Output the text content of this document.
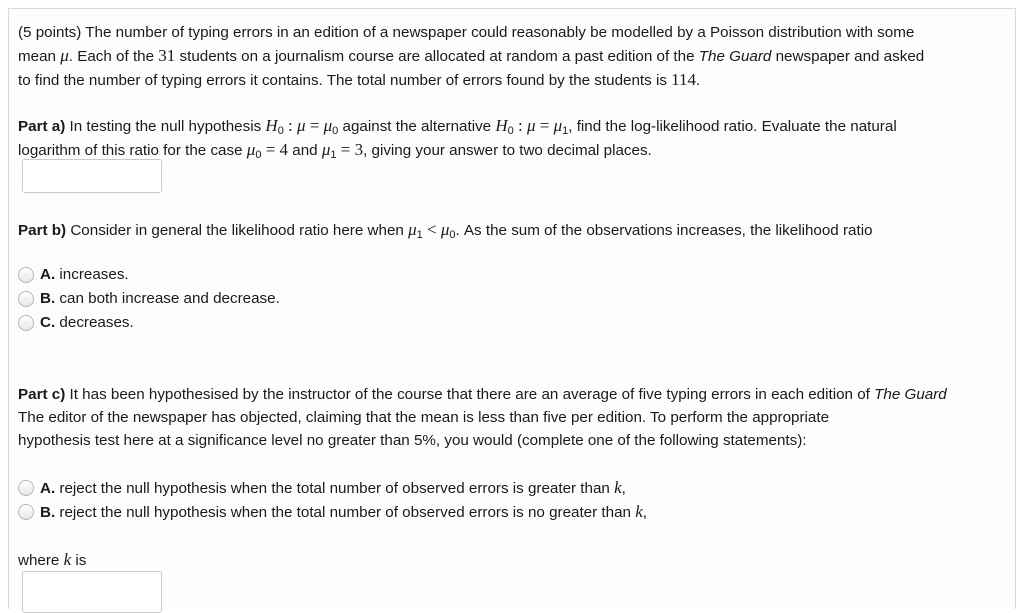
(5 points) The number of typing errors in an edition of a newspaper could reasonably be modelled by a Poisson distribution with some
mean μ. Each of the 31 students on a journalism course are allocated at random a past edition of the The Guard newspaper and asked
to find the number of typing errors it contains. The total number of errors found by the students is 114.
Part a) In testing the null hypothesis $H_0$ : $\mu = \mu_0$ against the alternative $H_0$ : $\mu = \mu_1$, find the log-likelihood ratio. Evaluate the natural
logarithm of this ratio for the case $\mu_0 = 4$ and $\mu_1 = 3$, giving your answer to two decimal places.
Part b) Consider in general the likelihood ratio here when $\mu_1 < \mu_0$. As the sum of the observations increases, the likelihood ratio
A. increases.
B. can both increase and decrease.
C. decreases.
Part c) It has been hypothesised by the instructor of the course that there are an average of five typing errors in each edition of The Guard
The editor of the newspaper has objected, claiming that the mean is less than five per edition. To perform the appropriate
hypothesis test here at a significance level no greater than 5%, you would (complete one of the following statements):
A. reject the null hypothesis when the total number of observed errors is greater than k,
B. reject the null hypothesis when the total number of observed errors is no greater than k,
where k is
